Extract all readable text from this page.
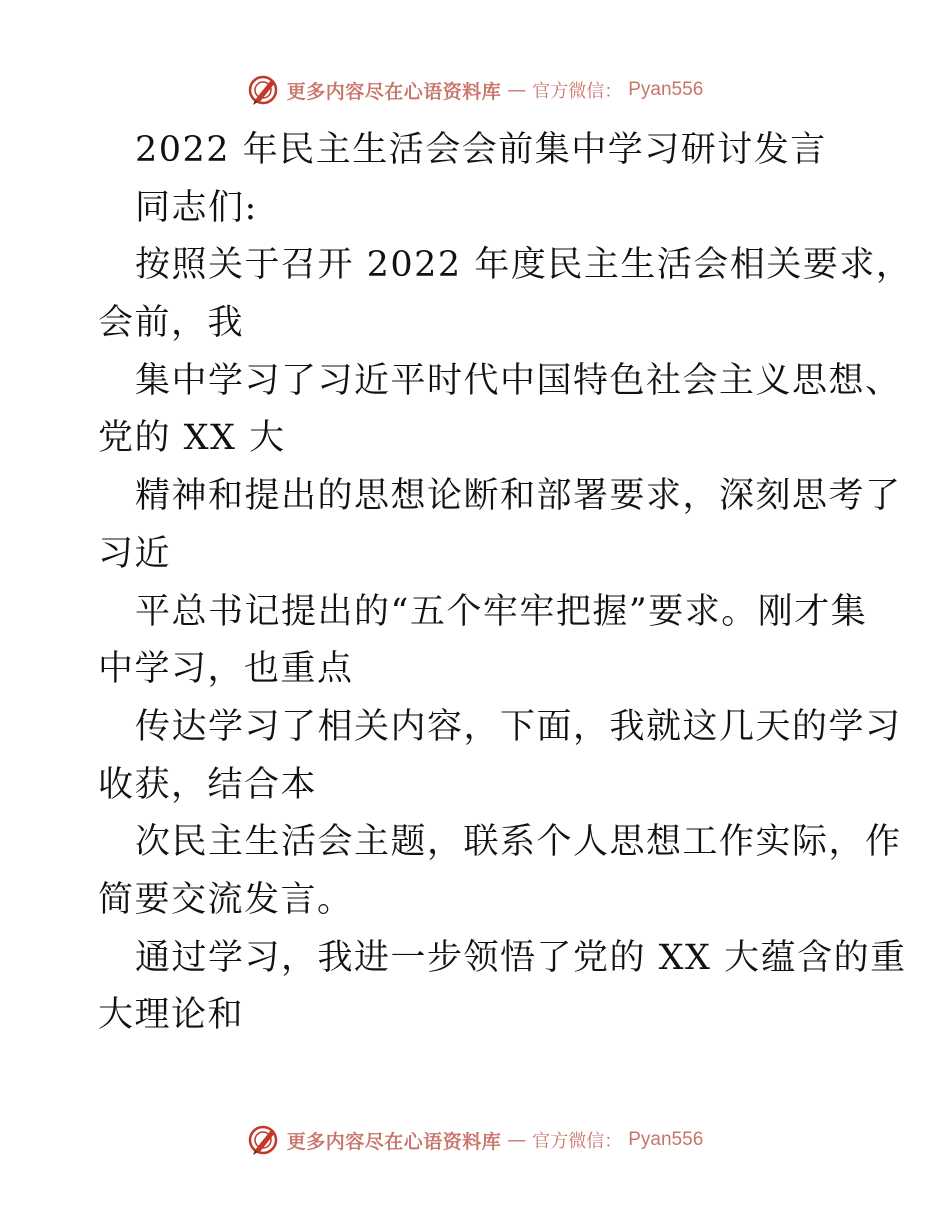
更多内容尽在心语资料库 — 官方微信： Pyan556
2022 年民主生活会会前集中学习研讨发言
同志们:
按照关于召开 2022 年度民主生活会相关要求，
会前，我
集中学习了习近平时代中国特色社会主义思想、
党的 XX 大
精神和提出的思想论断和部署要求，深刻思考了
习近
平总书记提出的“五个牢牢把握”要求。刚才集
中学习，也重点
传达学习了相关内容，下面，我就这几天的学习
收获，结合本
次民主生活会主题，联系个人思想工作实际，作
简要交流发言。
通过学习，我进一步领悟了党的 XX 大蕴含的重
大理论和
更多内容尽在心语资料库 — 官方微信： Pyan556
